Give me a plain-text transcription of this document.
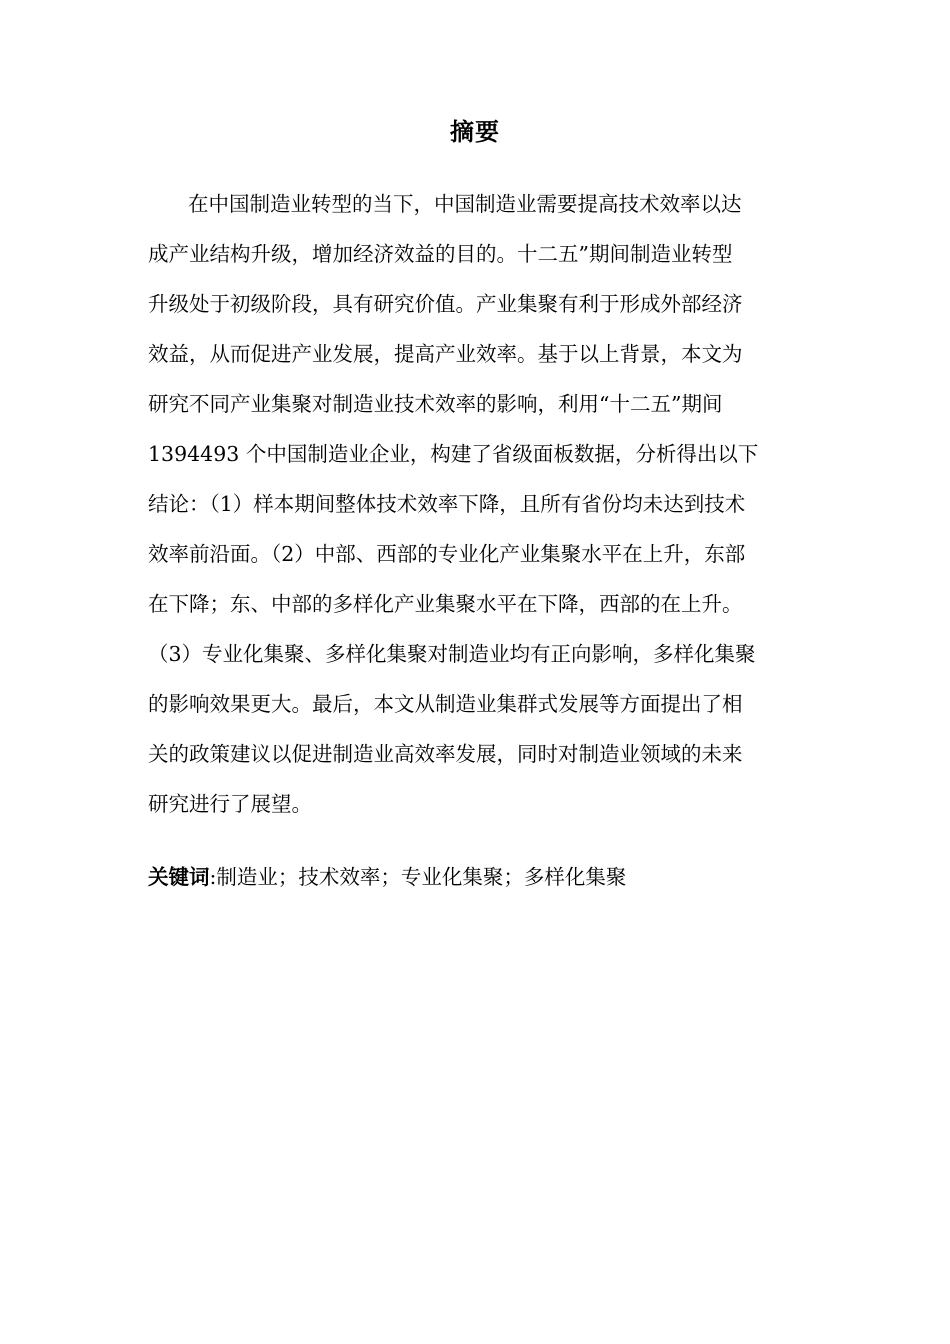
摘要
在中国制造业转型的当下，中国制造业需要提高技术效率以达
成产业结构升级，增加经济效益的目的。十二五”期间制造业转型
升级处于初级阶段，具有研究价值。产业集聚有利于形成外部经济
效益，从而促进产业发展，提高产业效率。基于以上背景，本文为
研究不同产业集聚对制造业技术效率的影响，利用“十二五”期间
1394493 个中国制造业企业，构建了省级面板数据，分析得出以下
结论：（1）样本期间整体技术效率下降，且所有省份均未达到技术
效率前沿面。（2）中部、西部的专业化产业集聚水平在上升，东部
在下降；东、中部的多样化产业集聚水平在下降，西部的在上升。
（3）专业化集聚、多样化集聚对制造业均有正向影响，多样化集聚
的影响效果更大。最后，本文从制造业集群式发展等方面提出了相
关的政策建议以促进制造业高效率发展，同时对制造业领域的未来
研究进行了展望。
关键词:制造业；技术效率；专业化集聚；多样化集聚
